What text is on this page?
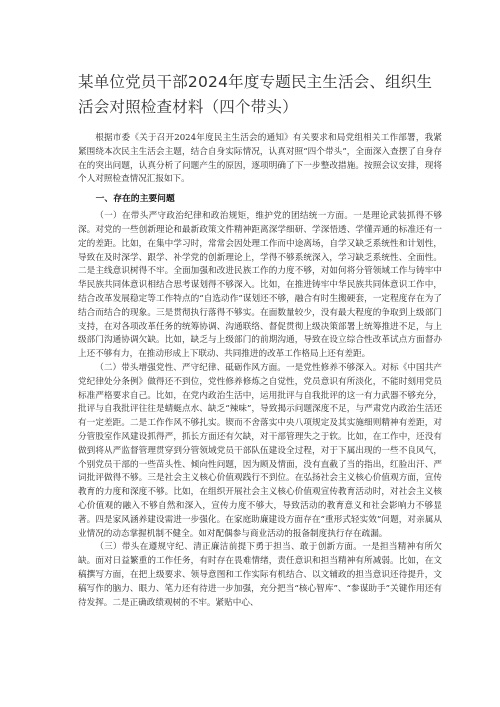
某单位党员干部2024年度专题民主生活会、组织生
活会对照检查材料（四个带头）

根据市委《关于召开2024年度民主生活会的通知》有关要求和局党组相关工作部署，我紧紧围绕本次民主生活会主题，结合自身实际情况，认真对照“四个带头”，全面深入查摆了自身存在的突出问题，认真分析了问题产生的原因，逐项明确了下一步整改措施。按照会议安排，现将个人对照检查情况汇报如下。

一、存在的主要问题

（一）在带头严守政治纪律和政治规矩，维护党的团结统一方面。一是理论武装抓得不够深。对党的一些创新理论和最新政策文件精神距离深学细研、学深悟透、学懂弄通的标准还有一定的差距。比如，在集中学习时，常常会因处理工作而中途离场，自学又缺乏系统性和计划性，导致在及时深学、跟学、补学党的创新理论上，学得不够系统深入，学习缺乏系统性、全面性。二是主线意识树得不牢。全面加强和改进民族工作的力度不够，对如何将分管领域工作与铸牢中华民族共同体意识相结合思考谋划得不够深入。比如，在推进铸牢中华民族共同体意识工作中，结合改革发展稳定等工作特点的“自选动作”谋划还不够，融合有时生搬硬套，一定程度存在为了结合而结合的现象。三是贯彻执行落得不够实。在面数量较少，没有最大程度的争取到上级部门支持，在对各项改革任务的统筹协调、沟通联络、督促贯彻上级决策部署上统筹推进不足，与上级部门沟通协调欠缺。比如，缺乏与上级部门的前期沟通，导致在设立综合性改革试点方面督办上还不够有力，在推动形成上下联动、共同推进的改革工作格局上还有差距。

（二）带头增强党性、严守纪律、砥砺作风方面。一是党性修养不够深入。对标《中国共产党纪律处分条例》做得还不到位，党性修养修炼之自觉性，党员意识有所淡化，不能时刻用党员标准严格要求自己。比如，在党内政治生活中，运用批评与自我批评的这一有力武器不够充分，批评与自我批评往往是蜻蜓点水、缺乏“辣味”，导致揭示问题深度不足，与严肃党内政治生活还有一定差距。二是工作作风不够扎实。锲而不舍落实中央八项规定及其实施细则精神有差距，对分管股室作风建设抓得严，抓长方面还有欠缺，对干部管理失之于软。比如，在工作中，还没有做到将从严监督管理贯穿到分管领域党员干部队伍建设全过程，对于下属出现的一些不良风气，个别党员干部的一些苗头性、倾向性问题，因为顾及情面，没有直截了当的指出，红脸出汗、严词批评做得不够。三是社会主义核心价值观践行不到位。在弘扬社会主义核心价值观方面，宣传教育的力度和深度不够。比如，在组织开展社会主义核心价值观宣传教育活动时，对社会主义核心价值观的融入不够自然和深入，宣传力度不够大，导致活动的教育意义和社会影响力不够显著。四是家风涵养建设需进一步强化。在家庭助廉建设方面存在“重形式轻实效”问题，对亲属从业情况的动态掌握机制不健全。如对配偶参与商业活动的报备制度执行存在疏漏。

（三）带头在遵规守纪、清正廉洁前提下勇于担当、敢于创新方面。一是担当精神有所欠缺。面对日益繁重的工作任务，有时存在畏难情绪，责任意识和担当精神有所减弱。比如，在文稿撰写方面，在把上级要求、领导意图和工作实际有机结合、以文辅政的担当意识还待提升，文稿写作的脑力、眼力、笔力还有待进一步加强，充分把当“核心智库”、“参谋助手”关键作用还有待发挥。二是正确政绩观树的不牢。紧贴中心、
